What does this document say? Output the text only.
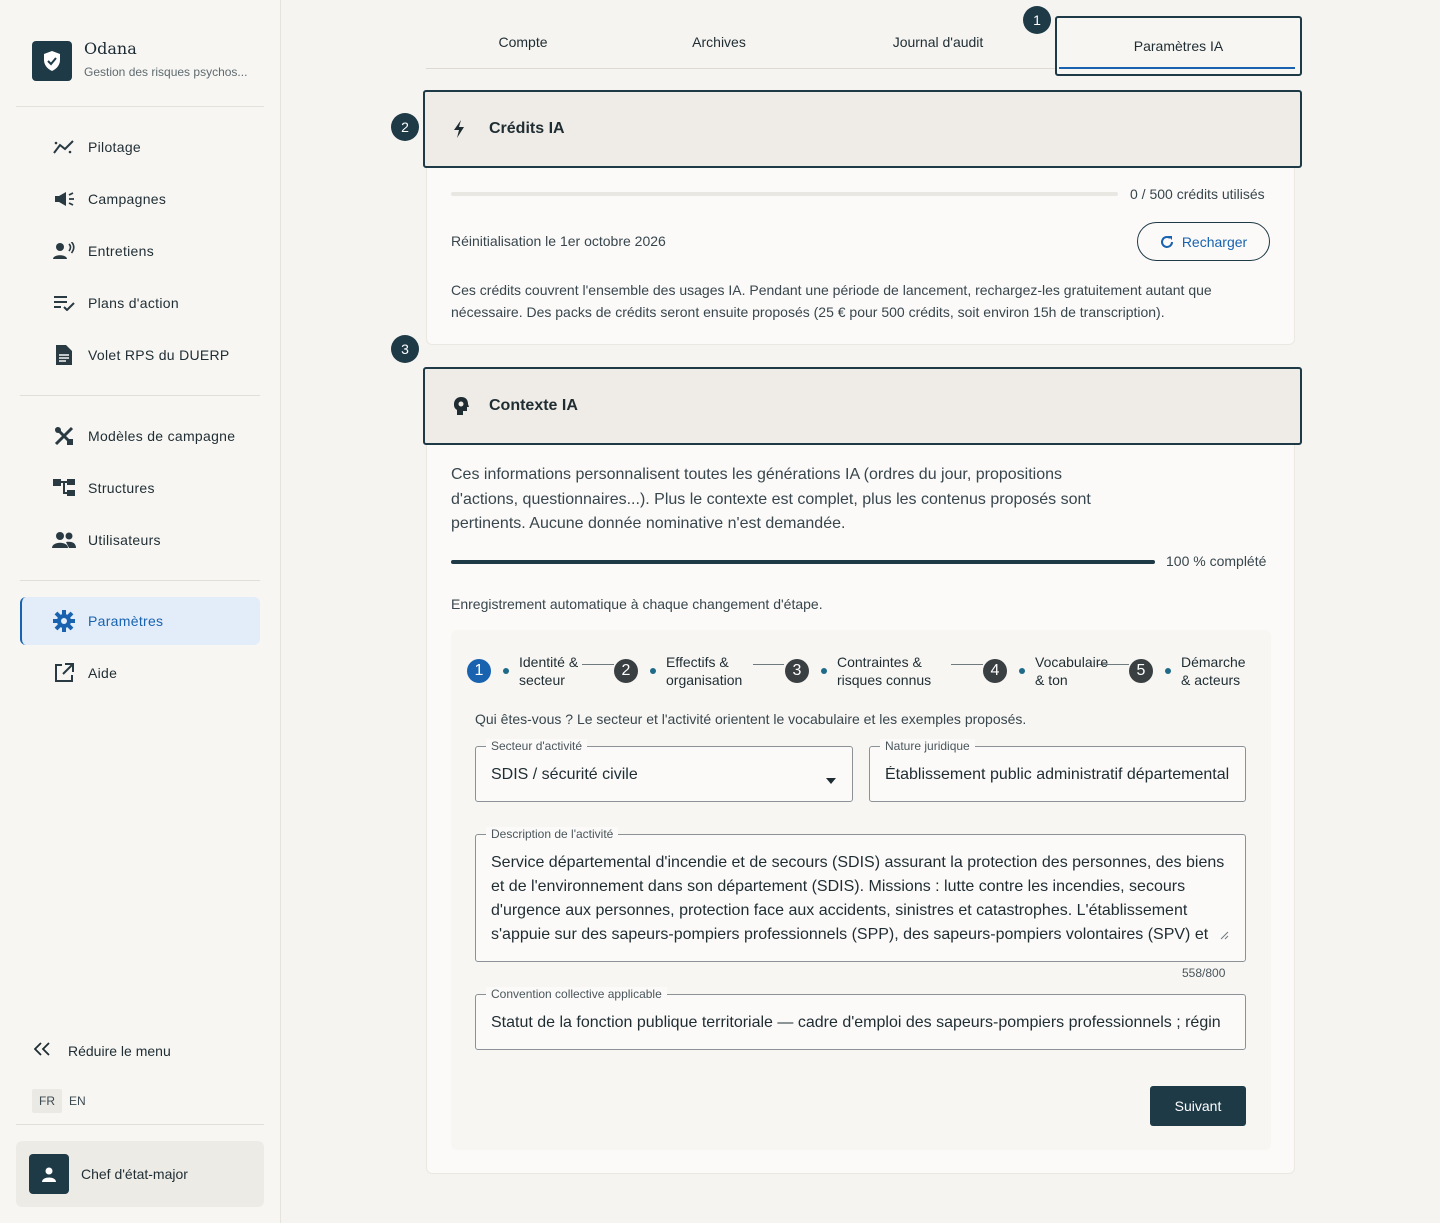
Odana
Gestion des risques psychos...
Pilotage
Campagnes
Entretiens
Plans d'action
Volet RPS du DUERP
Modèles de campagne
Structures
Utilisateurs
Paramètres
Aide
Réduire le menu
FR	EN
Chef d'état-major
Compte	Archives	Journal d'audit	Paramètres IA
1
2	Crédits IA
0 / 500 crédits utilisés
Réinitialisation le 1er octobre 2026	Recharger
Ces crédits couvrent l'ensemble des usages IA. Pendant une période de lancement, rechargez-les gratuitement autant que
nécessaire. Des packs de crédits seront ensuite proposés (25 € pour 500 crédits, soit environ 15h de transcription).
3
Contexte IA
Ces informations personnalisent toutes les générations IA (ordres du jour, propositions
d'actions, questionnaires...). Plus le contexte est complet, plus les contenus proposés sont
pertinents. Aucune donnée nominative n'est demandée.
100 % complété
Enregistrement automatique à chaque changement d'étape.
1	Identité &
secteur
2	Effectifs &
organisation
3	Contraintes &
risques connus
4	Vocabulaire
& ton
5	Démarche
& acteurs
Qui êtes-vous ? Le secteur et l'activité orientent le vocabulaire et les exemples proposés.
Secteur d'activité
SDIS / sécurité civile
Nature juridique
Établissement public administratif départemental
Description de l'activité
Service départemental d'incendie et de secours (SDIS) assurant la protection des personnes, des biens
et de l'environnement dans son département (SDIS). Missions : lutte contre les incendies, secours
d'urgence aux personnes, protection face aux accidents, sinistres et catastrophes. L'établissement
s'appuie sur des sapeurs-pompiers professionnels (SPP), des sapeurs-pompiers volontaires (SPV) et
558/800
Convention collective applicable
Statut de la fonction publique territoriale — cadre d'emploi des sapeurs-pompiers professionnels ; régin
Suivant
